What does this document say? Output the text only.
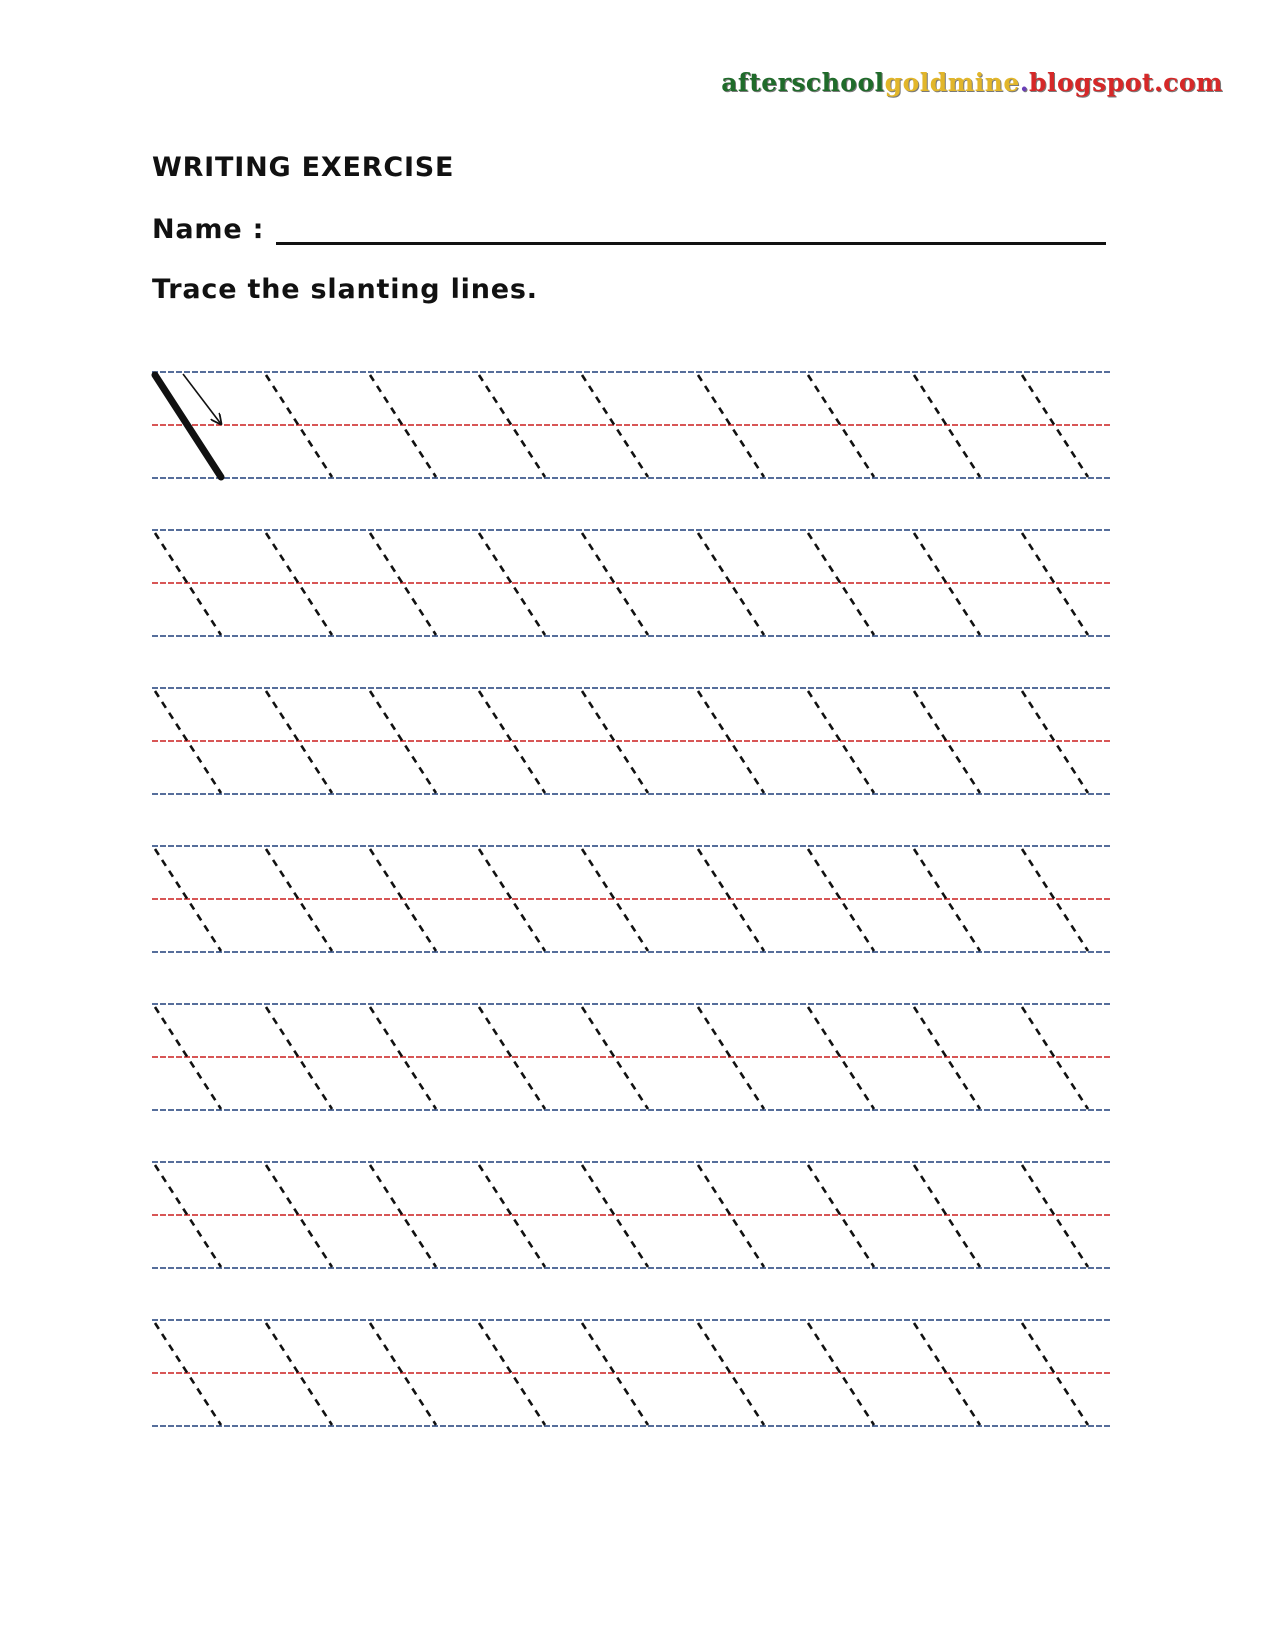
afterschoolgoldmine.blogspot.com
WRITING EXERCISE
Name :

Trace the slanting lines.
